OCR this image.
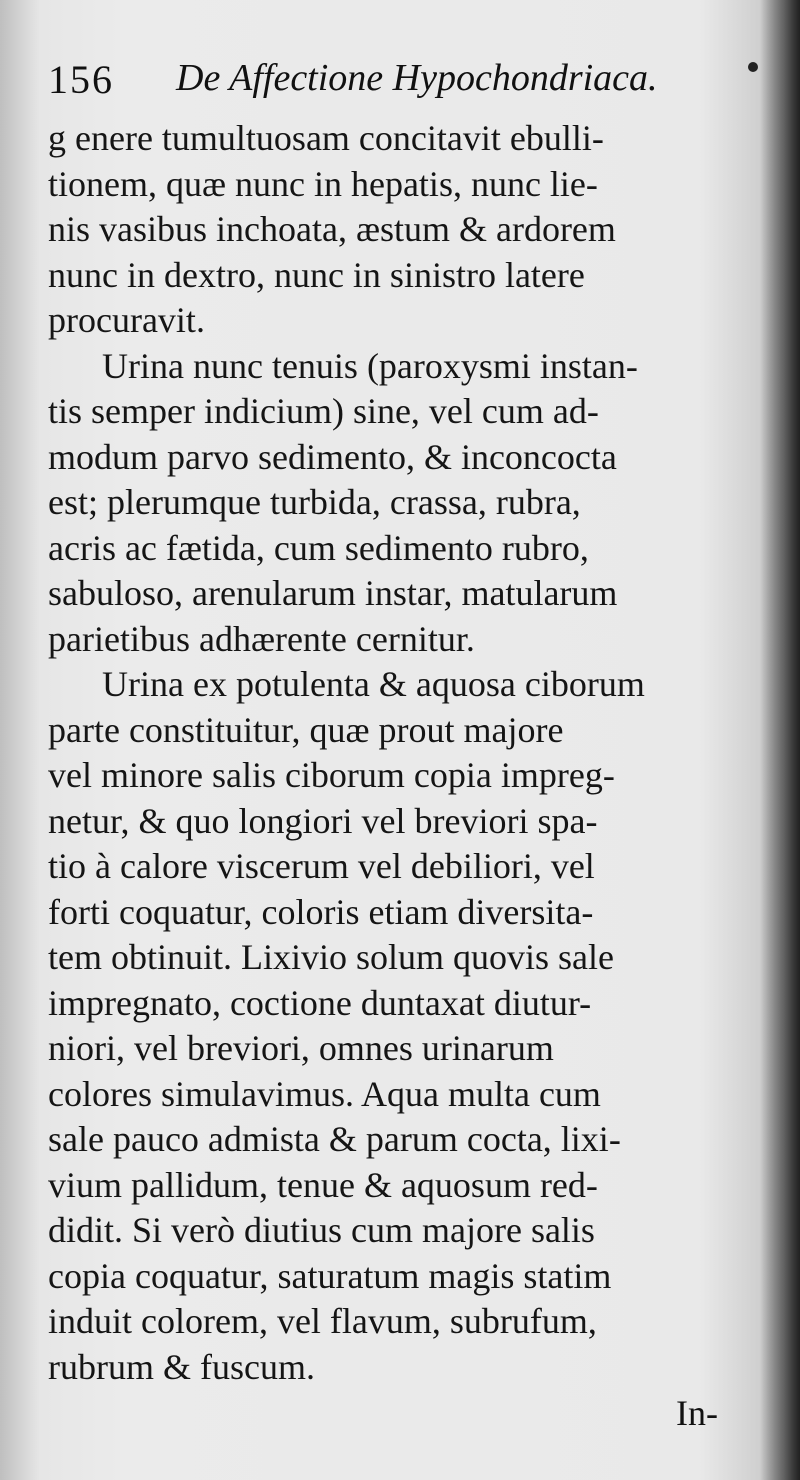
156 De Affectione Hypochondriaca.
g enere tumultuosam concitavit ebulli-
tionem, quæ nunc in hepatis, nunc lie-
nis vasibus inchoata, æstum & ardorem
nunc in dextro, nunc in sinistro latere
procuravit.
Urina nunc tenuis (paroxysmi instan-
tis semper indicium) sine, vel cum ad-
modum parvo sedimento, & inconcocta
est; plerumque turbida, crassa, rubra,
acris ac fætida, cum sedimento rubro,
sabuloso, arenularum instar, matularum
parietibus adhærente cernitur.
Urina ex potulenta & aquosa ciborum
parte constituitur, quæ prout majore
vel minore salis ciborum copia impreg-
netur, & quo longiori vel breviori spa-
tio à calore viscerum vel debiliori, vel
forti coquatur, coloris etiam diversita-
tem obtinuit. Lixivio solum quovis sale
impregnato, coctione duntaxat diutur-
niori, vel breviori, omnes urinarum
colores simulavimus. Aqua multa cum
sale pauco admista & parum cocta, lixi-
vium pallidum, tenue & aquosum red-
didit. Si verò diutius cum majore salis
copia coquatur, saturatum magis statim
induit colorem, vel flavum, subrufum,
rubrum & fuscum.
In-
